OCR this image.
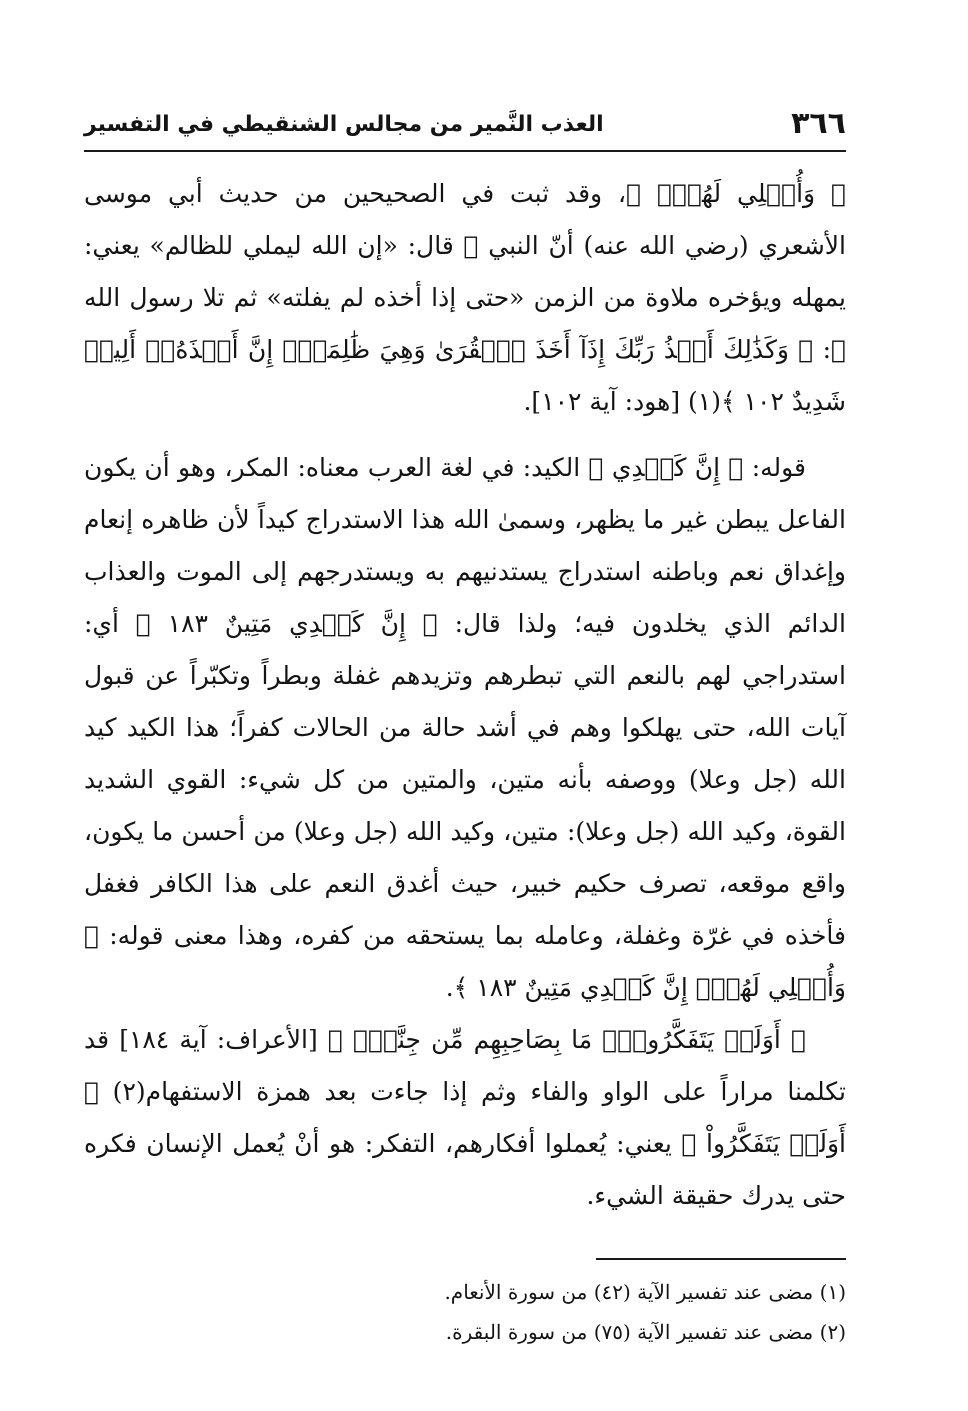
٣٦٦
العذب النَّمير من مجالس الشنقيطي في التفسير

﴿ وَأُمۡلِي لَهُمۡۚ ﴾، وقد ثبت في الصحيحين من حديث أبي موسى الأشعري (رضي الله عنه) أنّ النبي ﷺ قال: «إن الله ليملي للظالم» يعني: يمهله ويؤخره ملاوة من الزمن «حتى إذا أخذه لم يفلته» ثم تلا رسول الله ﷺ: ﴿ وَكَذَٰلِكَ أَخۡذُ رَبِّكَ إِذَآ أَخَذَ ٱلۡقُرَىٰ وَهِيَ ظَٰلِمَةٌۚ إِنَّ أَخۡذَهُۥٓ أَلِيمٞ شَدِيدٌ ١٠٢ ﴾(١) [هود: آية ١٠٢].

قوله: ﴿ إِنَّ كَيۡدِي ﴾ الكيد: في لغة العرب معناه: المكر، وهو أن يكون الفاعل يبطن غير ما يظهر، وسمىٰ الله هذا الاستدراج كيداً لأن ظاهره إنعام وإغداق نعم وباطنه استدراج يستدنيهم به ويستدرجهم إلى الموت والعذاب الدائم الذي يخلدون فيه؛ ولذا قال: ﴿ إِنَّ كَيۡدِي مَتِينٌ ١٨٣ ﴾ أي: استدراجي لهم بالنعم التي تبطرهم وتزيدهم غفلة وبطراً وتكبّراً عن قبول آيات الله، حتى يهلكوا وهم في أشد حالة من الحالات كفراً؛ هذا الكيد كيد الله (جل وعلا) ووصفه بأنه متين، والمتين من كل شيء: القوي الشديد القوة، وكيد الله (جل وعلا): متين، وكيد الله (جل وعلا) من أحسن ما يكون، واقع موقعه، تصرف حكيم خبير، حيث أغدق النعم على هذا الكافر فغفل فأخذه في غرّة وغفلة، وعامله بما يستحقه من كفره، وهذا معنى قوله: ﴿ وَأُمۡلِي لَهُمۡۚ إِنَّ كَيۡدِي مَتِينٌ ١٨٣ ﴾.

﴿ أَوَلَمۡ يَتَفَكَّرُواْۗ مَا بِصَاحِبِهِم مِّن جِنَّةٍۚ ﴾ [الأعراف: آية ١٨٤] قد تكلمنا مراراً على الواو والفاء وثم إذا جاءت بعد همزة الاستفهام(٢) ﴿ أَوَلَمۡ يَتَفَكَّرُواْ ﴾ يعني: يُعملوا أفكارهم، التفكر: هو أنْ يُعمل الإنسان فكره حتى يدرك حقيقة الشيء.

(١) مضى عند تفسير الآية (٤٢) من سورة الأنعام.

(٢) مضى عند تفسير الآية (٧٥) من سورة البقرة.
